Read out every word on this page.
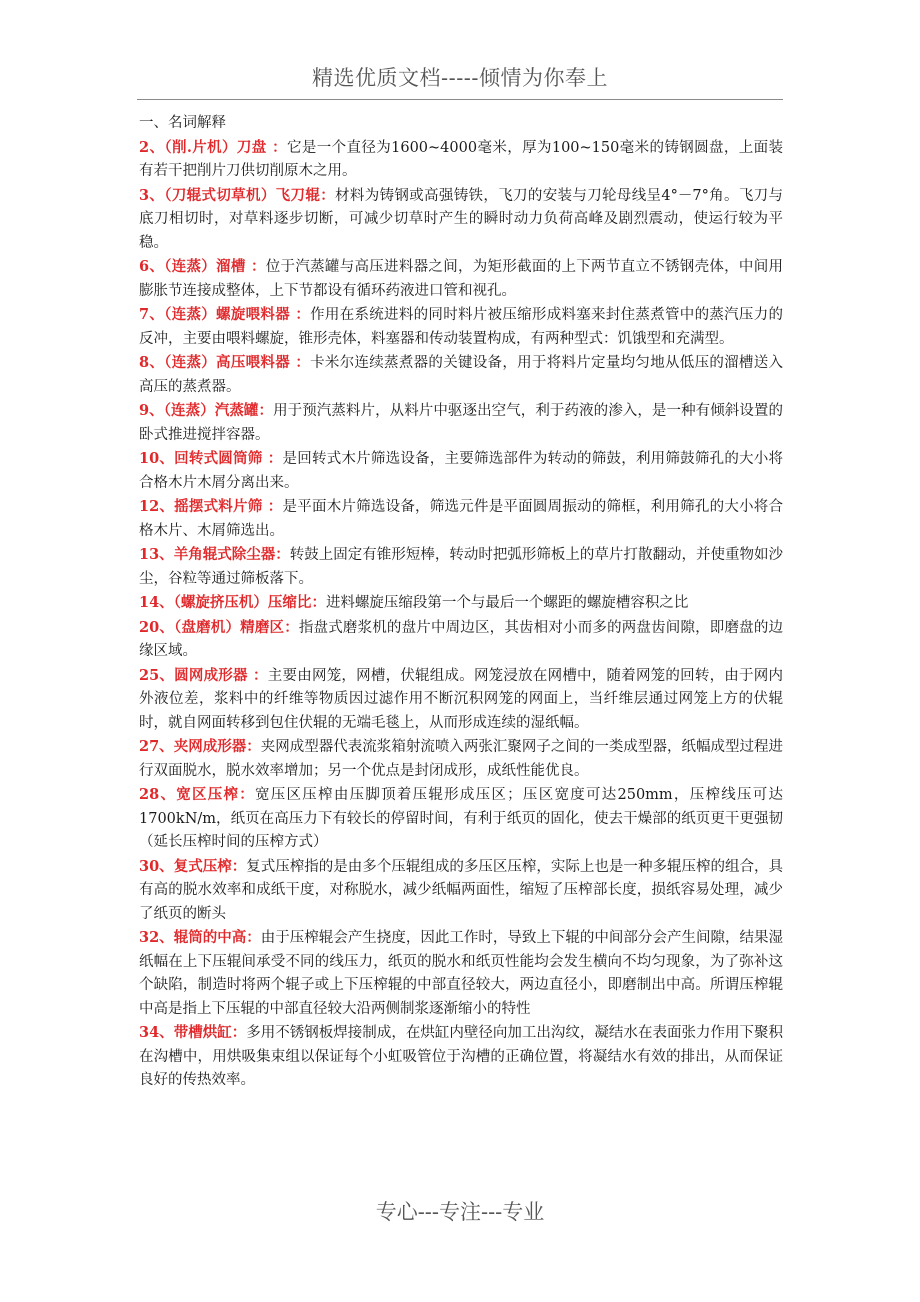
精选优质文档-----倾情为你奉上

一、名词解释

2、（削.片机）刀盘 ：它是一个直径为1600~4000毫米，厚为100~150毫米的铸钢圆盘，上面装有若干把削片刀供切削原木之用。

3、（刀辊式切草机）飞刀辊：材料为铸钢或高强铸铁，飞刀的安装与刀轮母线呈4°－7°角。飞刀与底刀相切时，对草料逐步切断，可减少切草时产生的瞬时动力负荷高峰及剧烈震动，使运行较为平稳。

6、（连蒸）溜槽 ：位于汽蒸罐与高压进料器之间，为矩形截面的上下两节直立不锈钢壳体，中间用膨胀节连接成整体，上下节都设有循环药液进口管和视孔。

7、（连蒸）螺旋喂料器 ：作用在系统进料的同时料片被压缩形成料塞来封住蒸煮管中的蒸汽压力的反冲，主要由喂料螺旋，锥形壳体，料塞器和传动装置构成，有两种型式：饥饿型和充满型。

8、（连蒸）高压喂料器 ：卡米尔连续蒸煮器的关键设备，用于将料片定量均匀地从低压的溜槽送入高压的蒸煮器。

9、（连蒸）汽蒸罐：用于预汽蒸料片，从料片中驱逐出空气，利于药液的渗入，是一种有倾斜设置的卧式推进搅拌容器。

10、回转式圆筒筛 ：是回转式木片筛选设备，主要筛选部件为转动的筛鼓，利用筛鼓筛孔的大小将合格木片木屑分离出来。

12、摇摆式料片筛 ：是平面木片筛选设备，筛选元件是平面圆周振动的筛框，利用筛孔的大小将合格木片、木屑筛选出。

13、羊角辊式除尘器：转鼓上固定有锥形短棒，转动时把弧形筛板上的草片打散翻动，并使重物如沙尘，谷粒等通过筛板落下。

14、（螺旋挤压机）压缩比：进料螺旋压缩段第一个与最后一个螺距的螺旋槽容积之比

20、（盘磨机）精磨区：指盘式磨浆机的盘片中周边区，其齿相对小而多的两盘齿间隙，即磨盘的边缘区域。

25、圆网成形器 ：主要由网笼，网槽，伏辊组成。网笼浸放在网槽中，随着网笼的回转，由于网内外液位差，浆料中的纤维等物质因过滤作用不断沉积网笼的网面上，当纤维层通过网笼上方的伏辊时，就自网面转移到包住伏辊的无端毛毯上，从而形成连续的湿纸幅。

27、夹网成形器：夹网成型器代表流浆箱射流喷入两张汇聚网子之间的一类成型器，纸幅成型过程进行双面脱水，脱水效率增加；另一个优点是封闭成形，成纸性能优良。

28、宽区压榨：宽压区压榨由压脚顶着压辊形成压区；压区宽度可达250mm，压榨线压可达1700kN/m，纸页在高压力下有较长的停留时间，有利于纸页的固化，使去干燥部的纸页更干更强韧（延长压榨时间的压榨方式）

30、复式压榨：复式压榨指的是由多个压辊组成的多压区压榨，实际上也是一种多辊压榨的组合，具有高的脱水效率和成纸干度，对称脱水，减少纸幅两面性，缩短了压榨部长度，损纸容易处理，减少了纸页的断头

32、辊筒的中高：由于压榨辊会产生挠度，因此工作时，导致上下辊的中间部分会产生间隙，结果湿纸幅在上下压辊间承受不同的线压力，纸页的脱水和纸页性能均会发生横向不均匀现象，为了弥补这个缺陷，制造时将两个辊子或上下压榨辊的中部直径较大，两边直径小，即磨制出中高。所谓压榨辊中高是指上下压辊的中部直径较大沿两侧制浆逐渐缩小的特性

34、带槽烘缸：多用不锈钢板焊接制成，在烘缸内壁径向加工出沟纹，凝结水在表面张力作用下聚积在沟槽中，用烘吸集束组以保证每个小虹吸管位于沟槽的正确位置，将凝结水有效的排出，从而保证良好的传热效率。

专心---专注---专业
